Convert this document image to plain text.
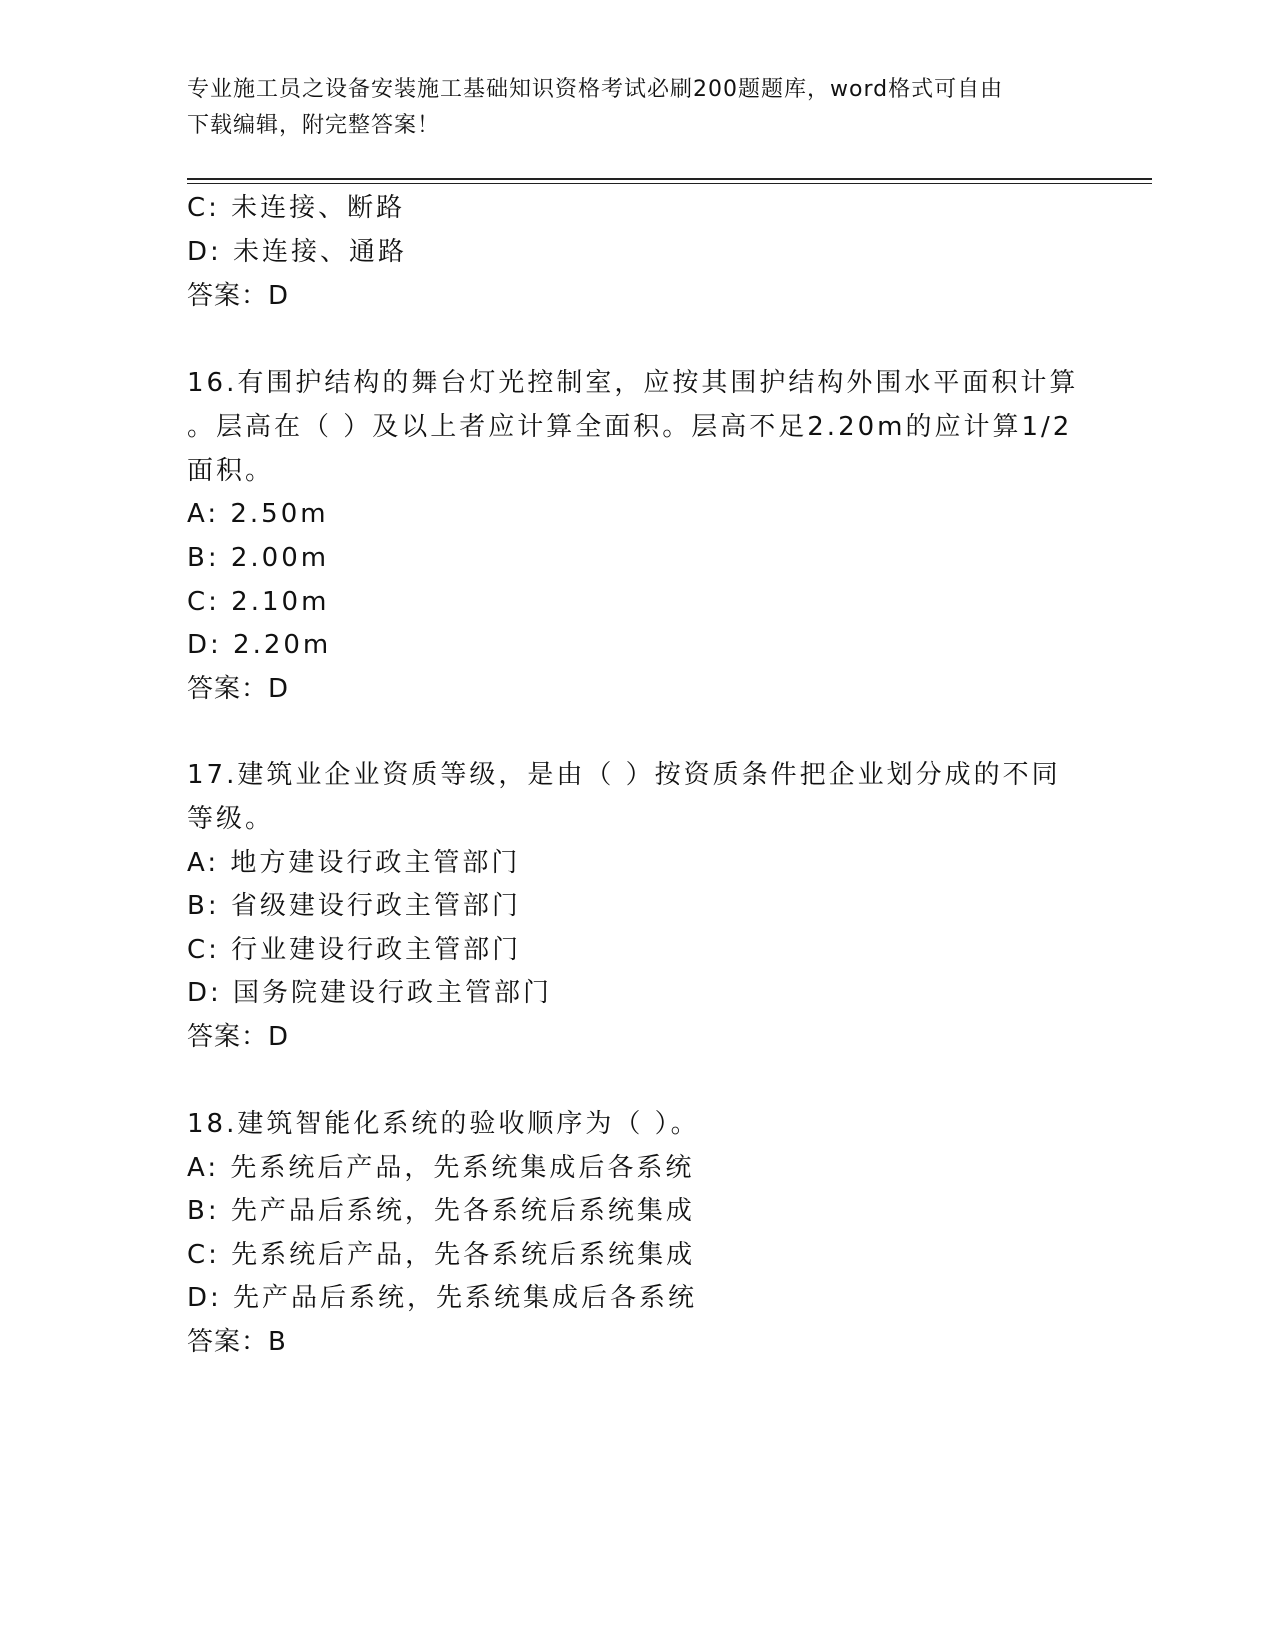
专业施工员之设备安装施工基础知识资格考试必刷200题题库，word格式可自由
下载编辑，附完整答案！
C: 未连接、断路
D: 未连接、通路
答案：D
16.有围护结构的舞台灯光控制室，应按其围护结构外围水平面积计算
。层高在（ ）及以上者应计算全面积。层高不足2.20m的应计算1/2
面积。
A: 2.50m
B: 2.00m
C: 2.10m
D: 2.20m
答案：D
17.建筑业企业资质等级，是由（ ）按资质条件把企业划分成的不同
等级。
A: 地方建设行政主管部门
B: 省级建设行政主管部门
C: 行业建设行政主管部门
D: 国务院建设行政主管部门
答案：D
18.建筑智能化系统的验收顺序为（ ）。
A: 先系统后产品，先系统集成后各系统
B: 先产品后系统，先各系统后系统集成
C: 先系统后产品，先各系统后系统集成
D: 先产品后系统，先系统集成后各系统
答案：B
